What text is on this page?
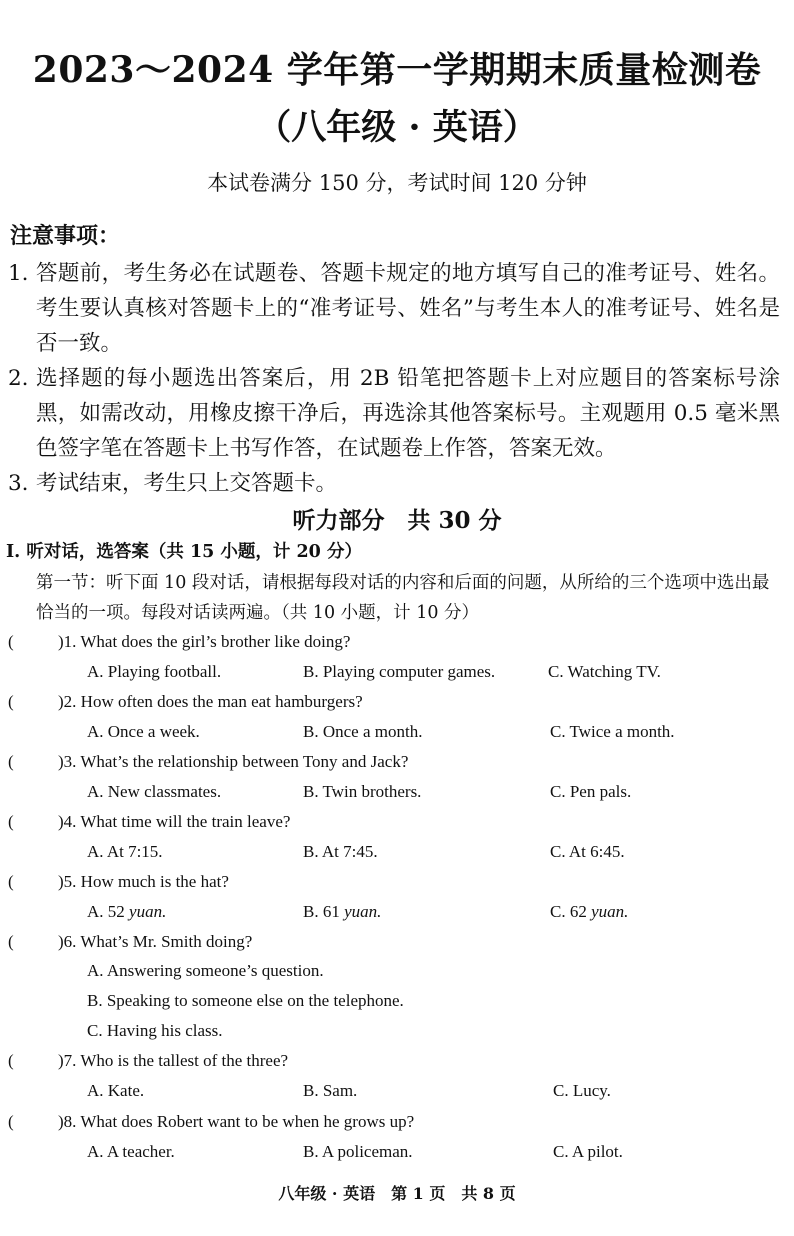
2023～2024 学年第一学期期末质量检测卷
（八年级 · 英语）
本试卷满分 150 分，考试时间 120 分钟
注意事项：
1. 答题前，考生务必在试题卷、答题卡规定的地方填写自己的准考证号、姓名。考生要认真核对答题卡上的“准考证号、姓名”与考生本人的准考证号、姓名是否一致。
2. 选择题的每小题选出答案后，用 2B 铅笔把答题卡上对应题目的答案标号涂黑，如需改动，用橡皮擦干净后，再选涂其他答案标号。主观题用 0.5 毫米黑色签字笔在答题卡上书写作答，在试题卷上作答，答案无效。
3. 考试结束，考生只上交答题卡。
听力部分　共 30 分
Ⅰ. 听对话，选答案（共 15 小题，计 20 分）
第一节：听下面 10 段对话，请根据每段对话的内容和后面的问题，从所给的三个选项中选出最恰当的一项。每段对话读两遍。（共 10 小题，计 10 分）
(	)1. What does the girl’s brother like doing?
A. Playing football.	B. Playing computer games.	C. Watching TV.
(	)2. How often does the man eat hamburgers?
A. Once a week.	B. Once a month.	C. Twice a month.
(	)3. What’s the relationship between Tony and Jack?
A. New classmates.	B. Twin brothers.	C. Pen pals.
(	)4. What time will the train leave?
A. At 7:15.	B. At 7:45.	C. At 6:45.
(	)5. How much is the hat?
A. 52 yuan.	B. 61 yuan.	C. 62 yuan.
(	)6. What’s Mr. Smith doing?
A. Answering someone’s question.
B. Speaking to someone else on the telephone.
C. Having his class.
(	)7. Who is the tallest of the three?
A. Kate.	B. Sam.	C. Lucy.
(	)8. What does Robert want to be when he grows up?
A. A teacher.	B. A policeman.	C. A pilot.
八年级 · 英语　第 1 页　共 8 页
